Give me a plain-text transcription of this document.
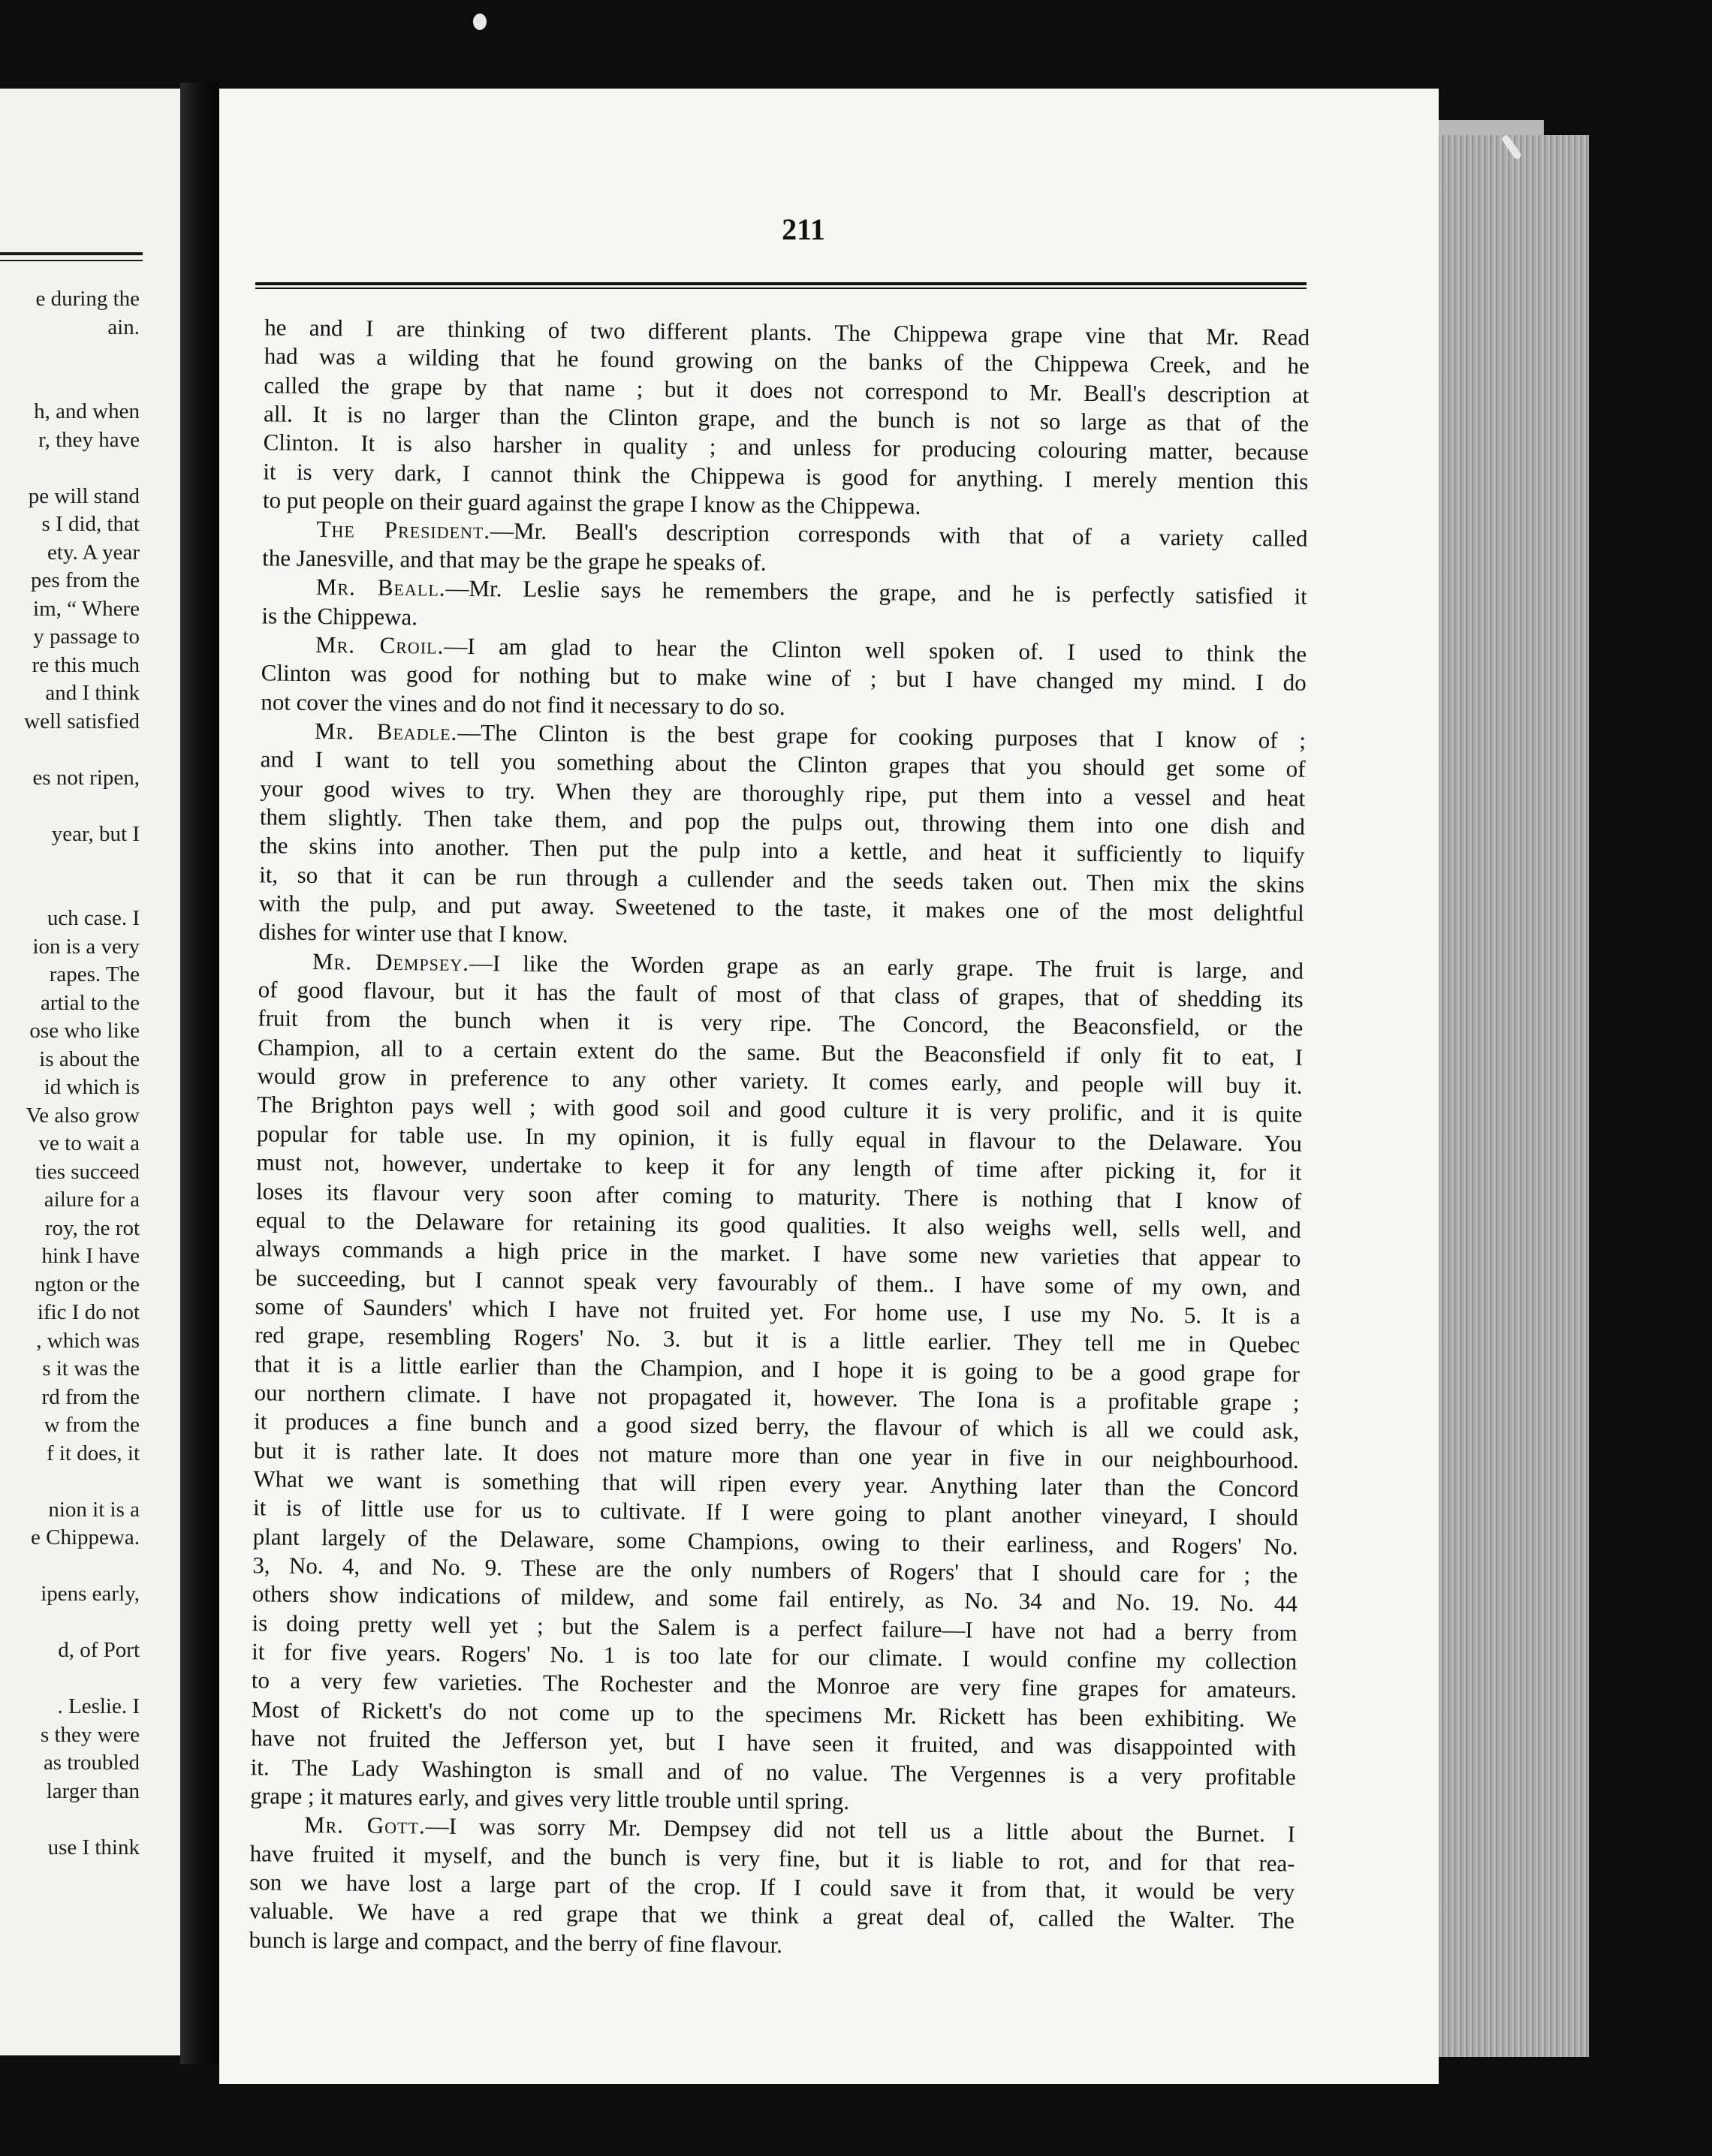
e during the
ain.
h, and when
r, they have
pe will stand
s I did, that
ety. A year
pes from the
im, “ Where
y passage to
re this much
and I think
well satisfied
es not ripen,
year, but I
uch case. I
ion is a very
rapes. The
artial to the
ose who like
is about the
id which is
Ve also grow
ve to wait a
ties succeed
ailure for a
roy, the rot
hink I have
ngton or the
ific I do not
, which was
s it was the
rd from the
w from the
f it does, it
nion it is a
e Chippewa.
ipens early,
d, of Port
. Leslie. I
s they were
as troubled
larger than
use I think
211
he and I are thinking of two different plants. The Chippewa grape vine that Mr. Read
had was a wilding that he found growing on the banks of the Chippewa Creek, and he
called the grape by that name ; but it does not correspond to Mr. Beall's description at
all. It is no larger than the Clinton grape, and the bunch is not so large as that of the
Clinton. It is also harsher in quality ; and unless for producing colouring matter, because
it is very dark, I cannot think the Chippewa is good for anything. I merely mention this
to put people on their guard against the grape I know as the Chippewa.
The President.—Mr. Beall's description corresponds with that of a variety called
the Janesville, and that may be the grape he speaks of.
Mr. Beall.—Mr. Leslie says he remembers the grape, and he is perfectly satisfied it
is the Chippewa.
Mr. Croil.—I am glad to hear the Clinton well spoken of. I used to think the
Clinton was good for nothing but to make wine of ; but I have changed my mind. I do
not cover the vines and do not find it necessary to do so.
Mr. Beadle.—The Clinton is the best grape for cooking purposes that I know of ;
and I want to tell you something about the Clinton grapes that you should get some of
your good wives to try. When they are thoroughly ripe, put them into a vessel and heat
them slightly. Then take them, and pop the pulps out, throwing them into one dish and
the skins into another. Then put the pulp into a kettle, and heat it sufficiently to liquify
it, so that it can be run through a cullender and the seeds taken out. Then mix the skins
with the pulp, and put away. Sweetened to the taste, it makes one of the most delightful
dishes for winter use that I know.
Mr. Dempsey.—I like the Worden grape as an early grape. The fruit is large, and
of good flavour, but it has the fault of most of that class of grapes, that of shedding its
fruit from the bunch when it is very ripe. The Concord, the Beaconsfield, or the
Champion, all to a certain extent do the same. But the Beaconsfield if only fit to eat, I
would grow in preference to any other variety. It comes early, and people will buy it.
The Brighton pays well ; with good soil and good culture it is very prolific, and it is quite
popular for table use. In my opinion, it is fully equal in flavour to the Delaware. You
must not, however, undertake to keep it for any length of time after picking it, for it
loses its flavour very soon after coming to maturity. There is nothing that I know of
equal to the Delaware for retaining its good qualities. It also weighs well, sells well, and
always commands a high price in the market. I have some new varieties that appear to
be succeeding, but I cannot speak very favourably of them.. I have some of my own, and
some of Saunders' which I have not fruited yet. For home use, I use my No. 5. It is a
red grape, resembling Rogers' No. 3. but it is a little earlier. They tell me in Quebec
that it is a little earlier than the Champion, and I hope it is going to be a good grape for
our northern climate. I have not propagated it, however. The Iona is a profitable grape ;
it produces a fine bunch and a good sized berry, the flavour of which is all we could ask,
but it is rather late. It does not mature more than one year in five in our neighbourhood.
What we want is something that will ripen every year. Anything later than the Concord
it is of little use for us to cultivate. If I were going to plant another vineyard, I should
plant largely of the Delaware, some Champions, owing to their earliness, and Rogers' No.
3, No. 4, and No. 9. These are the only numbers of Rogers' that I should care for ; the
others show indications of mildew, and some fail entirely, as No. 34 and No. 19. No. 44
is doing pretty well yet ; but the Salem is a perfect failure—I have not had a berry from
it for five years. Rogers' No. 1 is too late for our climate. I would confine my collection
to a very few varieties. The Rochester and the Monroe are very fine grapes for amateurs.
Most of Rickett's do not come up to the specimens Mr. Rickett has been exhibiting. We
have not fruited the Jefferson yet, but I have seen it fruited, and was disappointed with
it. The Lady Washington is small and of no value. The Vergennes is a very profitable
grape ; it matures early, and gives very little trouble until spring.
Mr. Gott.—I was sorry Mr. Dempsey did not tell us a little about the Burnet. I
have fruited it myself, and the bunch is very fine, but it is liable to rot, and for that rea-
son we have lost a large part of the crop. If I could save it from that, it would be very
valuable. We have a red grape that we think a great deal of, called the Walter. The
bunch is large and compact, and the berry of fine flavour.
